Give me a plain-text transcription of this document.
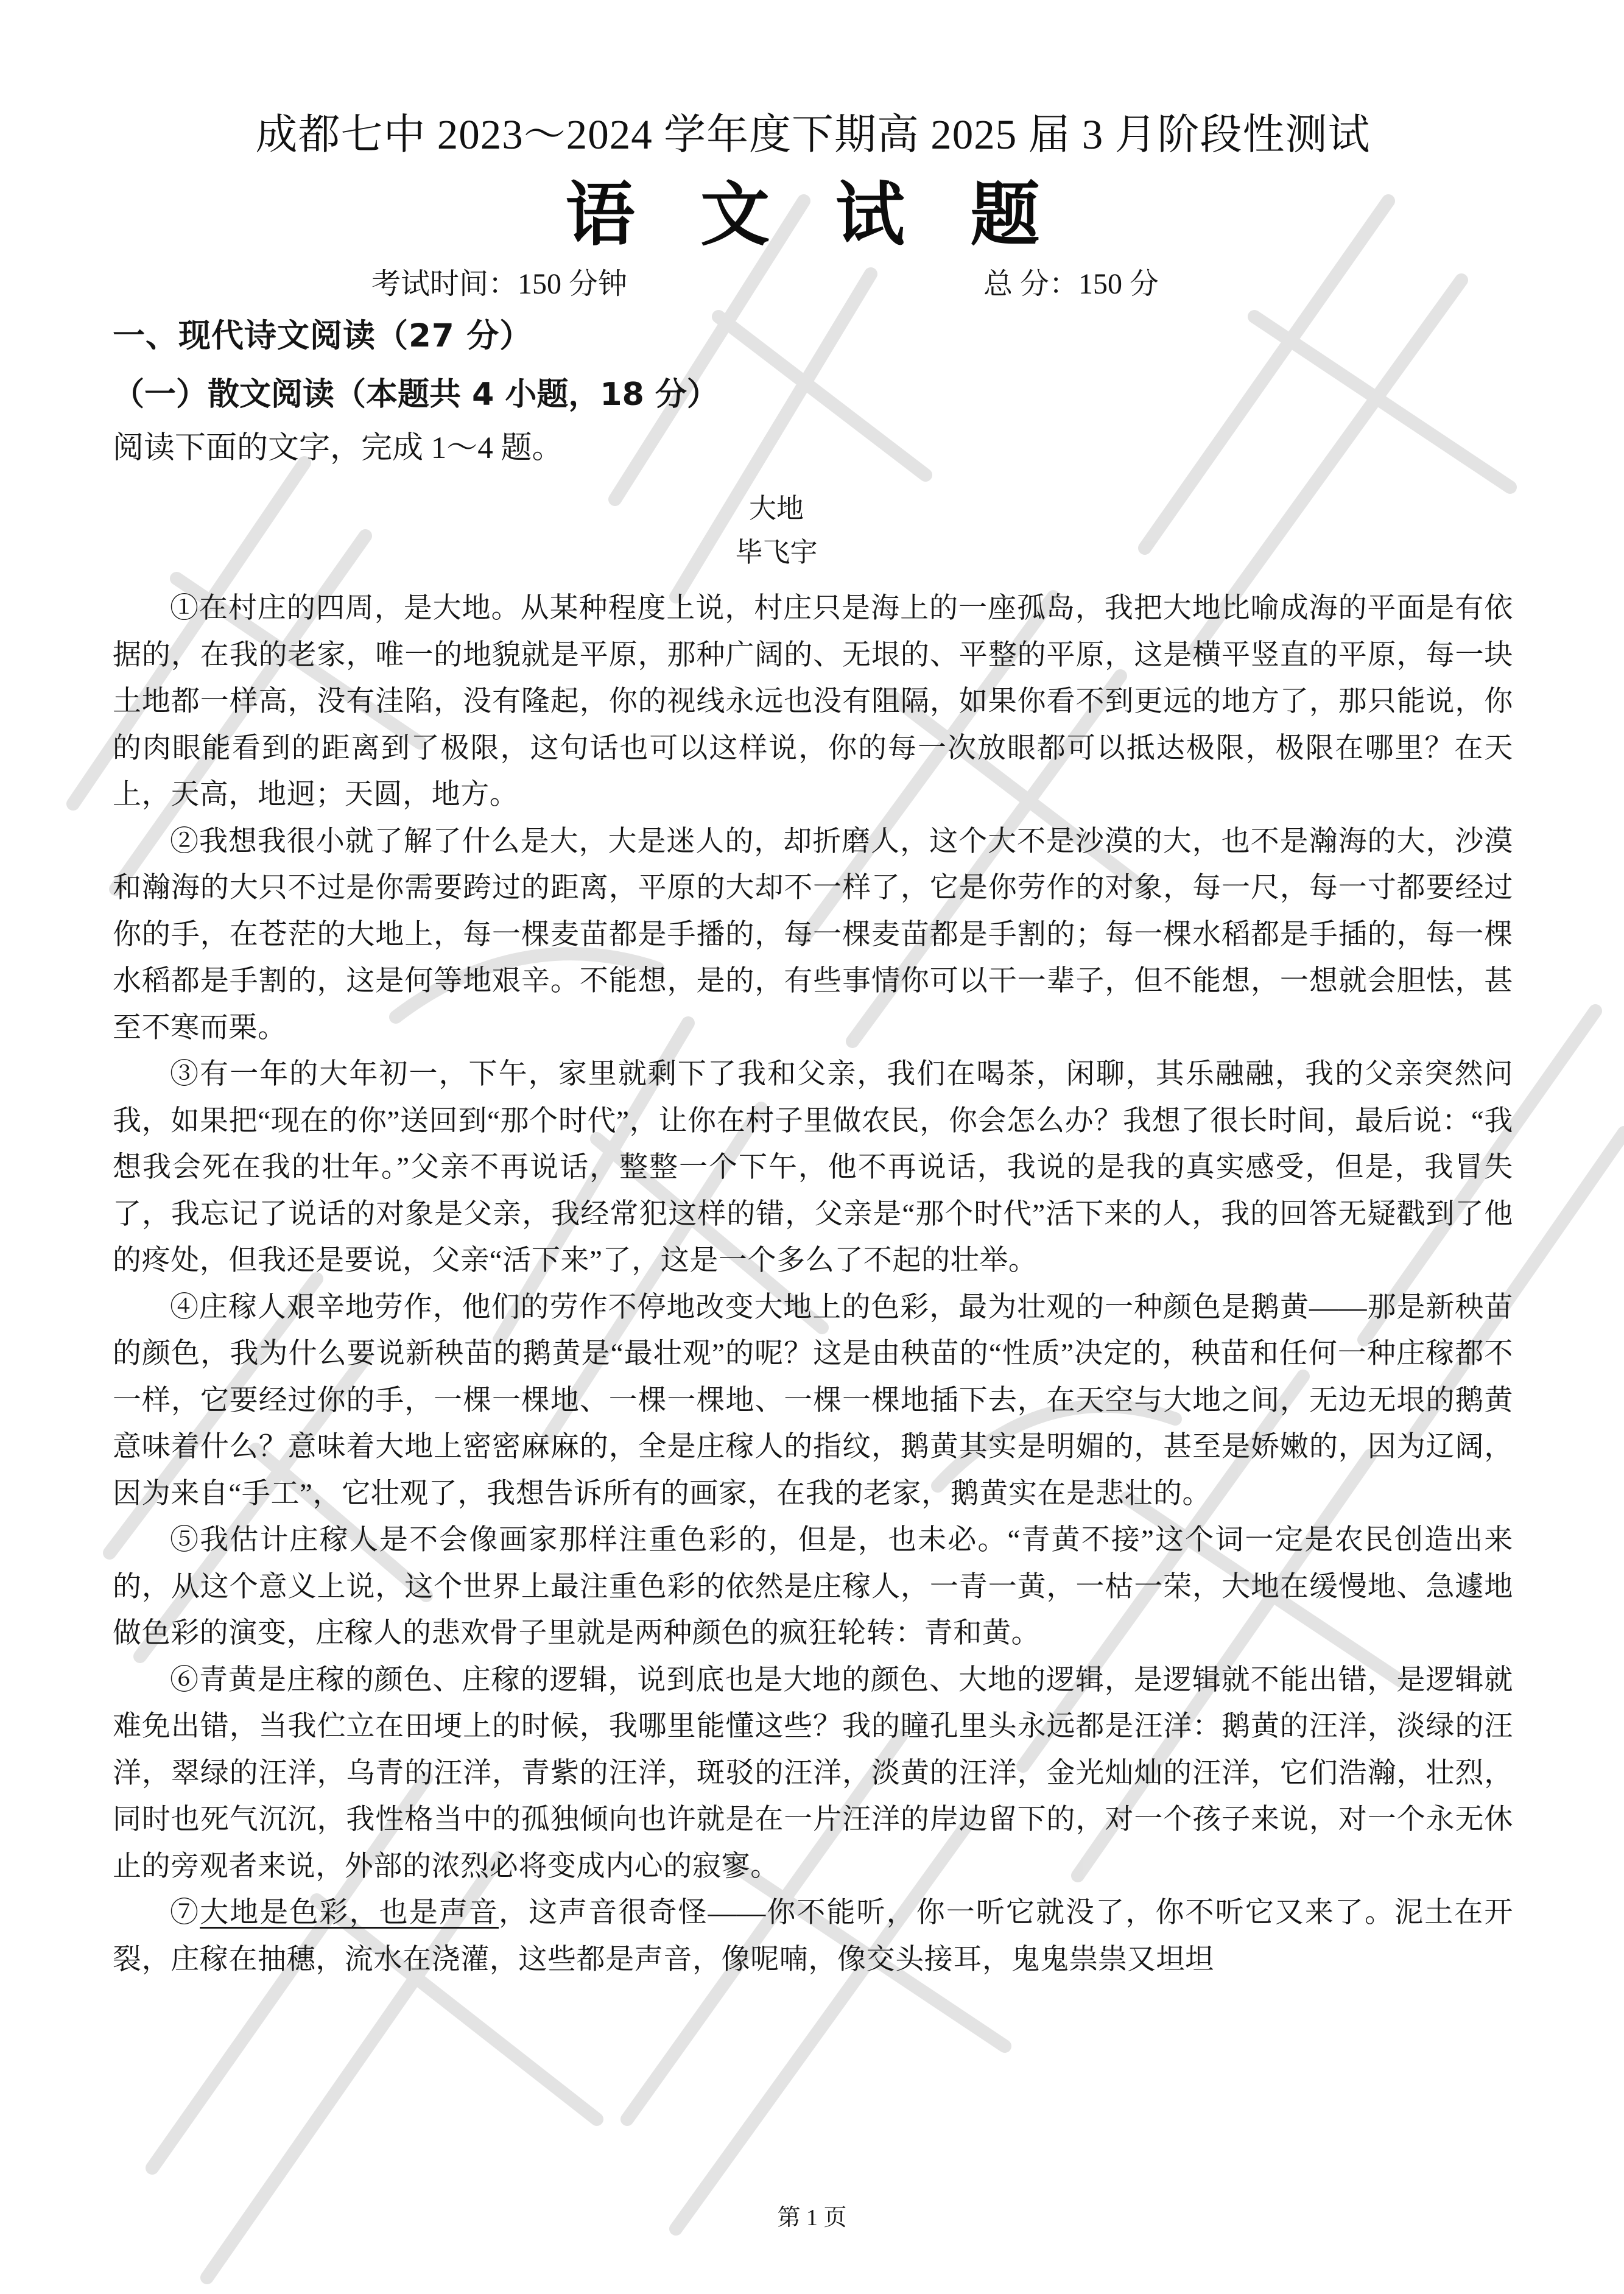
成都七中 2023～2024 学年度下期高 2025 届 3 月阶段性测试
语 文 试 题
考试时间：150 分钟	总 分：150 分
一、现代诗文阅读（27 分）
（一）散文阅读（本题共 4 小题，18 分）
阅读下面的文字，完成 1～4 题。
大地
毕飞宇

①在村庄的四周，是大地。从某种程度上说，村庄只是海上的一座孤岛，我把大地比喻成海的平面是有依据的，在我的老家，唯一的地貌就是平原，那种广阔的、无垠的、平整的平原，这是横平竖直的平原，每一块土地都一样高，没有洼陷，没有隆起，你的视线永远也没有阻隔，如果你看不到更远的地方了，那只能说，你的肉眼能看到的距离到了极限，这句话也可以这样说，你的每一次放眼都可以抵达极限，极限在哪里？在天上，天高，地迥；天圆，地方。

②我想我很小就了解了什么是大，大是迷人的，却折磨人，这个大不是沙漠的大，也不是瀚海的大，沙漠和瀚海的大只不过是你需要跨过的距离，平原的大却不一样了，它是你劳作的对象，每一尺，每一寸都要经过你的手，在苍茫的大地上，每一棵麦苗都是手播的，每一棵麦苗都是手割的；每一棵水稻都是手插的，每一棵水稻都是手割的，这是何等地艰辛。不能想，是的，有些事情你可以干一辈子，但不能想，一想就会胆怯，甚至不寒而栗。

③有一年的大年初一，下午，家里就剩下了我和父亲，我们在喝茶，闲聊，其乐融融，我的父亲突然问我，如果把“现在的你”送回到“那个时代”，让你在村子里做农民，你会怎么办？我想了很长时间，最后说：“我想我会死在我的壮年。”父亲不再说话，整整一个下午，他不再说话，我说的是我的真实感受，但是，我冒失了，我忘记了说话的对象是父亲，我经常犯这样的错，父亲是“那个时代”活下来的人，我的回答无疑戳到了他的疼处，但我还是要说，父亲“活下来”了，这是一个多么了不起的壮举。

④庄稼人艰辛地劳作，他们的劳作不停地改变大地上的色彩，最为壮观的一种颜色是鹅黄——那是新秧苗的颜色，我为什么要说新秧苗的鹅黄是“最壮观”的呢？这是由秧苗的“性质”决定的，秧苗和任何一种庄稼都不一样，它要经过你的手，一棵一棵地、一棵一棵地、一棵一棵地插下去，在天空与大地之间，无边无垠的鹅黄意味着什么？意味着大地上密密麻麻的，全是庄稼人的指纹，鹅黄其实是明媚的，甚至是娇嫩的，因为辽阔，因为来自“手工”，它壮观了，我想告诉所有的画家，在我的老家，鹅黄实在是悲壮的。

⑤我估计庄稼人是不会像画家那样注重色彩的，但是，也未必。“青黄不接”这个词一定是农民创造出来的，从这个意义上说，这个世界上最注重色彩的依然是庄稼人，一青一黄，一枯一荣，大地在缓慢地、急遽地做色彩的演变，庄稼人的悲欢骨子里就是两种颜色的疯狂轮转：青和黄。

⑥青黄是庄稼的颜色、庄稼的逻辑，说到底也是大地的颜色、大地的逻辑，是逻辑就不能出错，是逻辑就难免出错，当我伫立在田埂上的时候，我哪里能懂这些？我的瞳孔里头永远都是汪洋：鹅黄的汪洋，淡绿的汪洋，翠绿的汪洋，乌青的汪洋，青紫的汪洋，斑驳的汪洋，淡黄的汪洋，金光灿灿的汪洋，它们浩瀚，壮烈，同时也死气沉沉，我性格当中的孤独倾向也许就是在一片汪洋的岸边留下的，对一个孩子来说，对一个永无休止的旁观者来说，外部的浓烈必将变成内心的寂寥。

⑦大地是色彩，也是声音，这声音很奇怪——你不能听，你一听它就没了，你不听它又来了。泥土在开裂，庄稼在抽穗，流水在浇灌，这些都是声音，像呢喃，像交头接耳，鬼鬼祟祟又坦坦

第 1 页
